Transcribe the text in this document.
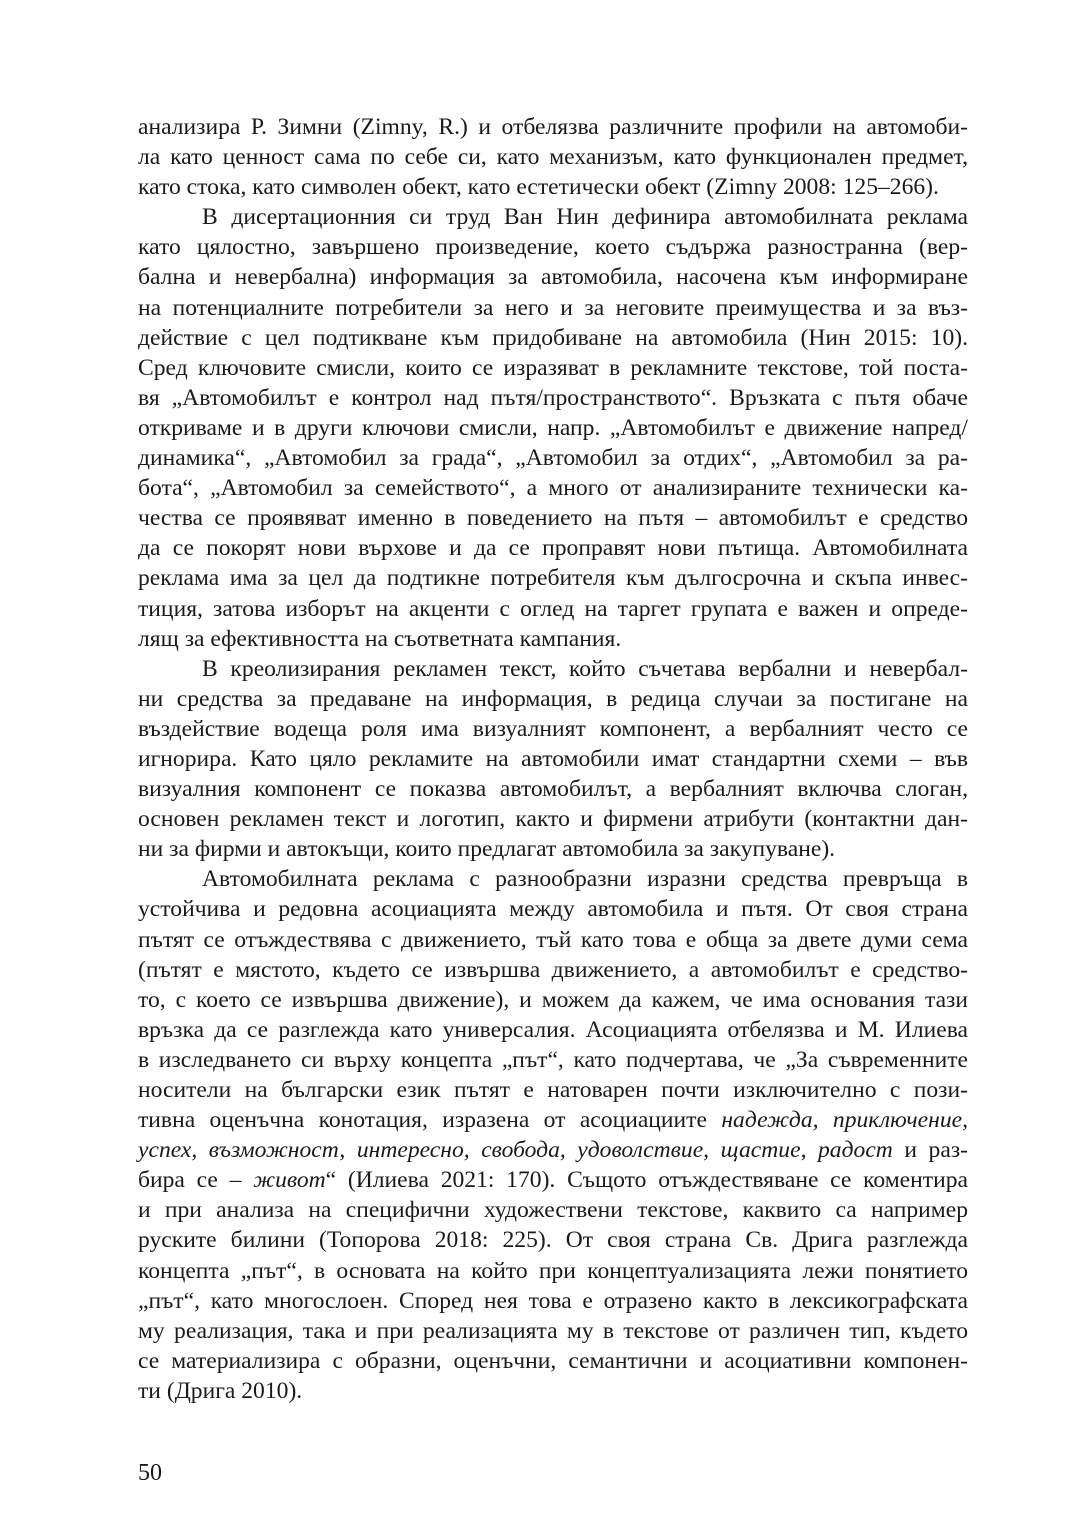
анализира Р. Зимни (Zimny, R.) и отбелязва различните профили на автомоби-
ла като ценност сама по себе си, като механизъм, като функционален предмет,
като стока, като символен обект, като естетически обект (Zimny 2008: 125–266).
В дисертационния си труд Ван Нин дефинира автомобилната реклама
като цялостно, завършено произведение, което съдържа разностранна (вер-
бална и невербална) информация за автомобила, насочена към информиране
на потенциалните потребители за него и за неговите преимущества и за въз-
действие с цел подтикване към придобиване на автомобила (Нин 2015: 10).
Сред ключовите смисли, които се изразяват в рекламните текстове, той поста-
вя „Автомобилът е контрол над пътя/пространството“. Връзката с пътя обаче
откриваме и в други ключови смисли, напр. „Автомобилът е движение напред/
динамика“, „Автомобил за града“, „Автомобил за отдих“, „Автомобил за ра-
бота“, „Автомобил за семейството“, а много от анализираните технически ка-
чества се проявяват именно в поведението на пътя – автомобилът е средство
да се покорят нови върхове и да се проправят нови пътища. Автомобилната
реклама има за цел да подтикне потребителя към дългосрочна и скъпа инвес-
тиция, затова изборът на акценти с оглед на таргет групата е важен и опреде-
лящ за ефективността на съответната кампания.
В креолизирания рекламен текст, който съчетава вербални и невербал-
ни средства за предаване на информация, в редица случаи за постигане на
въздействие водеща роля има визуалният компонент, а вербалният често се
игнорира. Като цяло рекламите на автомобили имат стандартни схеми – във
визуалния компонент се показва автомобилът, а вербалният включва слоган,
основен рекламен текст и логотип, както и фирмени атрибути (контактни дан-
ни за фирми и автокъщи, които предлагат автомобила за закупуване).
Автомобилната реклама с разнообразни изразни средства превръща в
устойчива и редовна асоциацията между автомобила и пътя. От своя страна
пътят се отъждествява с движението, тъй като това е обща за двете думи сема
(пътят е мястото, където се извършва движението, а автомобилът е средство-
то, с което се извършва движение), и можем да кажем, че има основания тази
връзка да се разглежда като универсалия. Асоциацията отбелязва и М. Илиева
в изследването си върху концепта „път“, като подчертава, че „За съвременните
носители на български език пътят е натоварен почти изключително с пози-
тивна оценъчна конотация, изразена от асоциациите надежда, приключение,
успех, възможност, интересно, свобода, удоволствие, щастие, радост и раз-
бира се – живот“ (Илиева 2021: 170). Същото отъждествяване се коментира
и при анализа на специфични художествени текстове, каквито са например
руските билини (Топорова 2018: 225). От своя страна Св. Дрига разглежда
концепта „път“, в основата на който при концептуализацията лежи понятието
„път“, като многослоен. Според нея това е отразено както в лексикографската
му реализация, така и при реализацията му в текстове от различен тип, където
се материализира с образни, оценъчни, семантични и асоциативни компонен-
ти (Дрига 2010).
50
